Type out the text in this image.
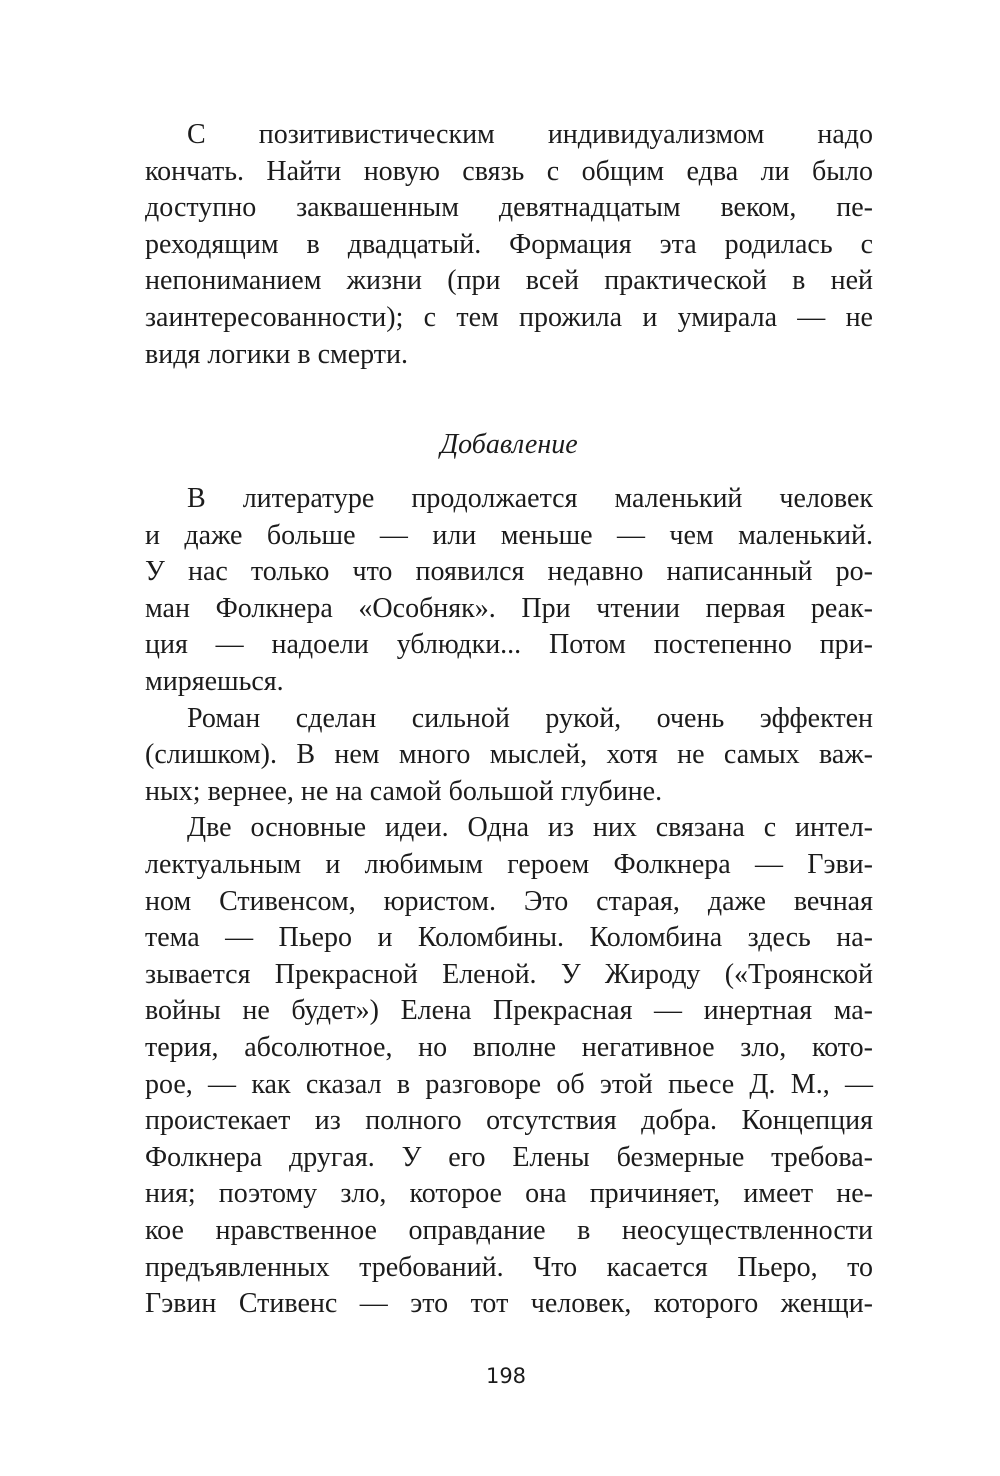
С позитивистическим индивидуализмом надо
кончать. Найти новую связь с общим едва ли было
доступно заквашенным девятнадцатым веком, пе-
реходящим в двадцатый. Формация эта родилась с
непониманием жизни (при всей практической в ней
заинтересованности); с тем прожила и умирала — не
видя логики в смерти.
Добавление
В литературе продолжается маленький человек
и даже больше — или меньше — чем маленький.
У нас только что появился недавно написанный ро-
ман Фолкнера «Особняк». При чтении первая реак-
ция — надоели ублюдки... Потом постепенно при-
миряешься.
Роман сделан сильной рукой, очень эффектен
(слишком). В нем много мыслей, хотя не самых важ-
ных; вернее, не на самой большой глубине.
Две основные идеи. Одна из них связана с интел-
лектуальным и любимым героем Фолкнера — Гэви-
ном Стивенсом, юристом. Это старая, даже вечная
тема — Пьеро и Коломбины. Коломбина здесь на-
зывается Прекрасной Еленой. У Жироду («Троянской
войны не будет») Елена Прекрасная — инертная ма-
терия, абсолютное, но вполне негативное зло, кото-
рое, — как сказал в разговоре об этой пьесе Д. М., —
проистекает из полного отсутствия добра. Концепция
Фолкнера другая. У его Елены безмерные требова-
ния; поэтому зло, которое она причиняет, имеет не-
кое нравственное оправдание в неосуществленности
предъявленных требований. Что касается Пьеро, то
Гэвин Стивенс — это тот человек, которого женщи-
198
